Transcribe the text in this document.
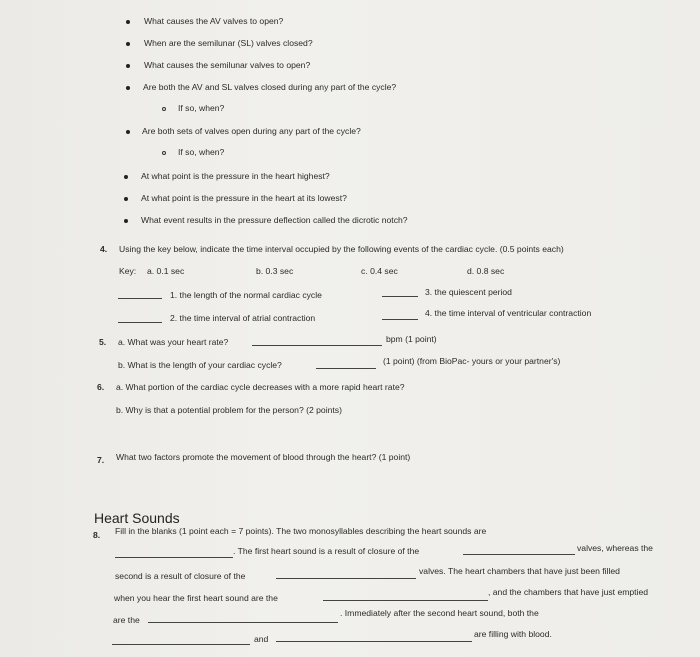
What causes the AV valves to open?
When are the semilunar (SL) valves closed?
What causes the semilunar valves to open?
Are both the AV and SL valves closed during any part of the cycle?
If so, when?
Are both sets of valves open during any part of the cycle?
If so, when?
At what point is the pressure in the heart highest?
At what point is the pressure in the heart at its lowest?
What event results in the pressure deflection called the dicrotic notch?
4. Using the key below, indicate the time interval occupied by the following events of the cardiac cycle. (0.5 points each)
Key: a. 0.1 sec	b. 0.3 sec	c. 0.4 sec	d. 0.8 sec
1. the length of the normal cardiac cycle	3. the quiescent period
2. the time interval of atrial contraction	4. the time interval of ventricular contraction
5. a. What was your heart rate?	bpm (1 point)
b. What is the length of your cardiac cycle?	(1 point) (from BioPac- yours or your partner's)
6. a. What portion of the cardiac cycle decreases with a more rapid heart rate?
b. Why is that a potential problem for the person? (2 points)
7. What two factors promote the movement of blood through the heart? (1 point)
Heart Sounds
8. Fill in the blanks (1 point each = 7 points). The two monosyllables describing the heart sounds are
. The first heart sound is a result of closure of the	valves, whereas the
second is a result of closure of the	valves. The heart chambers that have just been filled
when you hear the first heart sound are the
, and the chambers that have just emptied
are the
. Immediately after the second heart sound, both the
and	are filling with blood.
